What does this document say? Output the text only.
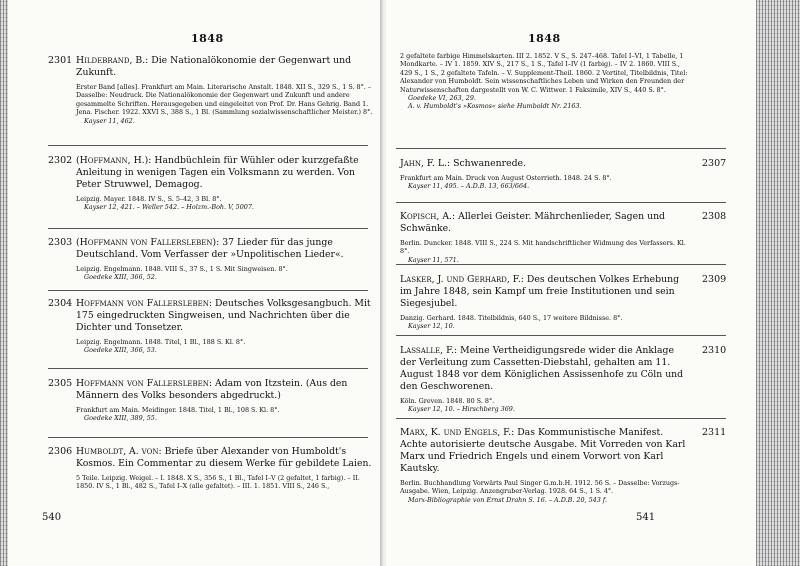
1848
2301 Hildebrand, B.: Die Nationalökonomie der Gegenwart und Zukunft.
Erster Band [alles]. Frankfurt am Main. Literarische Anstalt. 1848. XII S., 329 S., 1 S. 8°. – Dasselbe: Neudruck. Die Nationalökonomie der Gegenwart und Zukunft und andere gesammelte Schriften. Herausgegeben und eingeleitet von Prof. Dr. Hans Gehrig. Band 1. Jena. Fischer. 1922. XXVI S., 388 S., 1 Bl. (Sammlung sozialwissenschaftlicher Meister.) 8°.
Kayser 11, 462.
2302 (Hoffmann, H.): Handbüchlein für Wühler oder kurzgefaßte Anleitung in wenigen Tagen ein Volksmann zu werden. Von Peter Struwwel, Demagog.
Leipzig. Mayer. 1848. IV S., S. 5–42, 3 Bl. 8°.
Kayser 12, 421. – Weller 542. – Holzm.-Boh. V, 5007.
2303 (Hoffmann von Fallersleben): 37 Lieder für das junge Deutschland. Vom Verfasser der »Unpolitischen Lieder«.
Leipzig. Engelmann. 1848. VIII S., 37 S., 1 S. Mit Singweisen. 8°.
Goedeke XIII, 366, 52.
2304 Hoffmann von Fallersleben: Deutsches Volksgesangbuch. Mit 175 eingedruckten Singweisen, und Nachrichten über die Dichter und Tonsetzer.
Leipzig. Engelmann. 1848. Titel, 1 Bl., 188 S. Kl. 8°.
Goedeke XIII, 366, 53.
2305 Hoffmann von Fallersleben: Adam von Itzstein. (Aus den Männern des Volks besonders abgedruckt.)
Frankfurt am Main. Meidinger. 1848. Titel, 1 Bl., 108 S. Kl. 8°.
Goedeke XIII, 389, 55.
2306 Humboldt, A. von: Briefe über Alexander von Humboldt's Kosmos. Ein Commentar zu diesem Werke für gebildete Laien.
5 Teile. Leipzig. Weigel. – I. 1848. X S., 356 S., 1 Bl., Tafel I–V (2 gefaltet, 1 farbig). – II. 1850. IV S., 1 Bl., 482 S., Tafel I–X (alle gefaltet). – III. 1. 1851. VIII S., 246 S.,
540
1848
2 gefaltete farbige Himmelskarten. III 2. 1852. V S., S. 247–468. Tafel I–VI, 1 Tabelle, 1 Mondkarte. – IV 1. 1859. XIV S., 217 S., 1 S., Tafel I–IV (1 farbig). – IV 2. 1860. VIII S., 429 S., 1 S., 2 gefaltete Tafeln. – V. Supplement-Theil. 1860. 2 Vortitel, Titelbildnis, Titel: Alexander von Humboldt. Sein wissenschaftliches Leben und Wirken den Freunden der Naturwissenschaften dargestellt von W. C. Wittwer. 1 Faksimile, XIV S., 440 S. 8°.
Goedeke VI, 263, 29.
A. v. Humboldt's »Kosmos« siehe Humboldt Nr. 2163.
2307
Jahn, F. L.: Schwanenrede.
Frankfurt am Main. Druck von August Osterrieth. 1848. 24 S. 8°.
Kayser 11, 495. – A.D.B. 13, 663/664.
2308
Kopisch, A.: Allerlei Geister. Mährchenlieder, Sagen und Schwänke.
Berlin. Duncker. 1848. VIII S., 224 S. Mit handschriftlicher Widmung des Verfassers. Kl. 8°.
Kayser 11, 571.
2309
Lasker, J. und Gerhard, F.: Des deutschen Volkes Erhebung im Jahre 1848, sein Kampf um freie Institutionen und sein Siegesjubel.
Danzig. Gerhard. 1848. Titelbildnis, 640 S., 17 weitere Bildnisse. 8°.
Kayser 12, 10.
2310
Lassalle, F.: Meine Vertheidigungsrede wider die Anklage der Verleitung zum Cassetten-Diebstahl, gehalten am 11. August 1848 vor dem Königlichen Assissenhofe zu Cöln und den Geschworenen.
Köln. Greven. 1848. 80 S. 8°.
Kayser 12, 10. – Hirschberg 369.
2311
Marx, K. und Engels, F.: Das Kommunistische Manifest. Achte autorisierte deutsche Ausgabe. Mit Vorreden von Karl Marx und Friedrich Engels und einem Vorwort von Karl Kautsky.
Berlin. Buchhandlung Vorwärts Paul Singer G.m.b.H. 1912. 56 S. – Dasselbe: Vorzugs-Ausgabe. Wien, Leipzig. Anzengruber-Verlag. 1928. 64 S., 1 S. 4°.
Marx-Bibliographie von Ernst Drahn S. 16. – A.D.B. 20, 543 f.
541
